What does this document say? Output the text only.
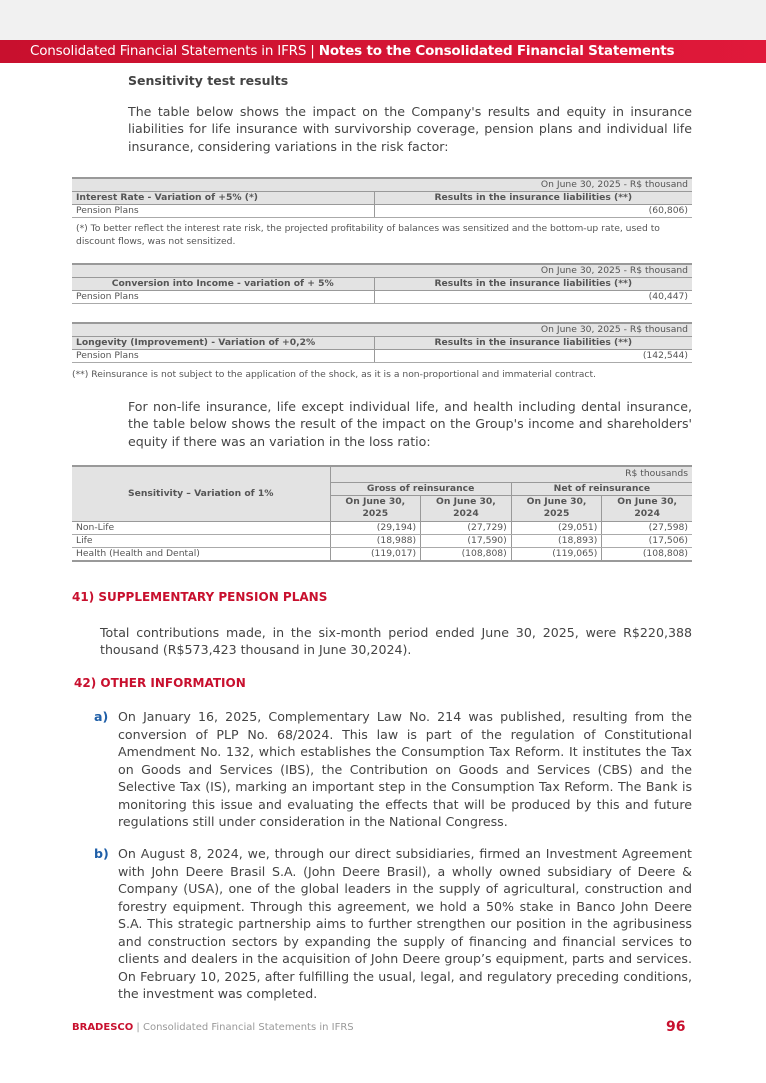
Consolidated Financial Statements in IFRS | Notes to the Consolidated Financial Statements
Sensitivity test results
The table below shows the impact on the Company's results and equity in insurance liabilities for life insurance with survivorship coverage, pension plans and individual life insurance, considering variations in the risk factor:
On June 30, 2025 - R$ thousand	
Interest Rate - Variation of +5% (*)	Results in the insurance liabilities (**)
Pension Plans	(60,806)
(*) To better reflect the interest rate risk, the projected profitability of balances was sensitized and the bottom-up rate, used to discount flows, was not sensitized.
On June 30, 2025 - R$ thousand	
Conversion into Income - variation of + 5%	Results in the insurance liabilities (**)
Pension Plans	(40,447)
On June 30, 2025 - R$ thousand	
Longevity (Improvement) - Variation of +0,2%	Results in the insurance liabilities (**)
Pension Plans	(142,544)
(**) Reinsurance is not subject to the application of the shock, as it is a non-proportional and immaterial contract.
For non-life insurance, life except individual life, and health including dental insurance, the table below shows the result of the impact on the Group's income and shareholders' equity if there was an variation in the loss ratio:
Sensitivity – Variation of 1%	R$ thousands			
	Gross of reinsurance		Net of reinsurance	
	On June 30, 2025	On June 30, 2024	On June 30, 2025	On June 30, 2024
Non-Life	(29,194)	(27,729)	(29,051)	(27,598)
Life	(18,988)	(17,590)	(18,893)	(17,506)
Health (Health and Dental)	(119,017)	(108,808)	(119,065)	(108,808)
41) SUPPLEMENTARY PENSION PLANS
Total contributions made, in the six-month period ended June 30, 2025, were R$220,388 thousand (R$573,423 thousand in June 30,2024).
42) OTHER INFORMATION
a) On January 16, 2025, Complementary Law No. 214 was published, resulting from the conversion of PLP No. 68/2024. This law is part of the regulation of Constitutional Amendment No. 132, which establishes the Consumption Tax Reform. It institutes the Tax on Goods and Services (IBS), the Contribution on Goods and Services (CBS) and the Selective Tax (IS), marking an important step in the Consumption Tax Reform. The Bank is monitoring this issue and evaluating the effects that will be produced by this and future regulations still under consideration in the National Congress.
b) On August 8, 2024, we, through our direct subsidiaries, firmed an Investment Agreement with John Deere Brasil S.A. (John Deere Brasil), a wholly owned subsidiary of Deere & Company (USA), one of the global leaders in the supply of agricultural, construction and forestry equipment. Through this agreement, we hold a 50% stake in Banco John Deere S.A. This strategic partnership aims to further strengthen our position in the agribusiness and construction sectors by expanding the supply of financing and financial services to clients and dealers in the acquisition of John Deere group’s equipment, parts and services. On February 10, 2025, after fulfilling the usual, legal, and regulatory preceding conditions, the investment was completed.
BRADESCO | Consolidated Financial Statements in IFRS	96
